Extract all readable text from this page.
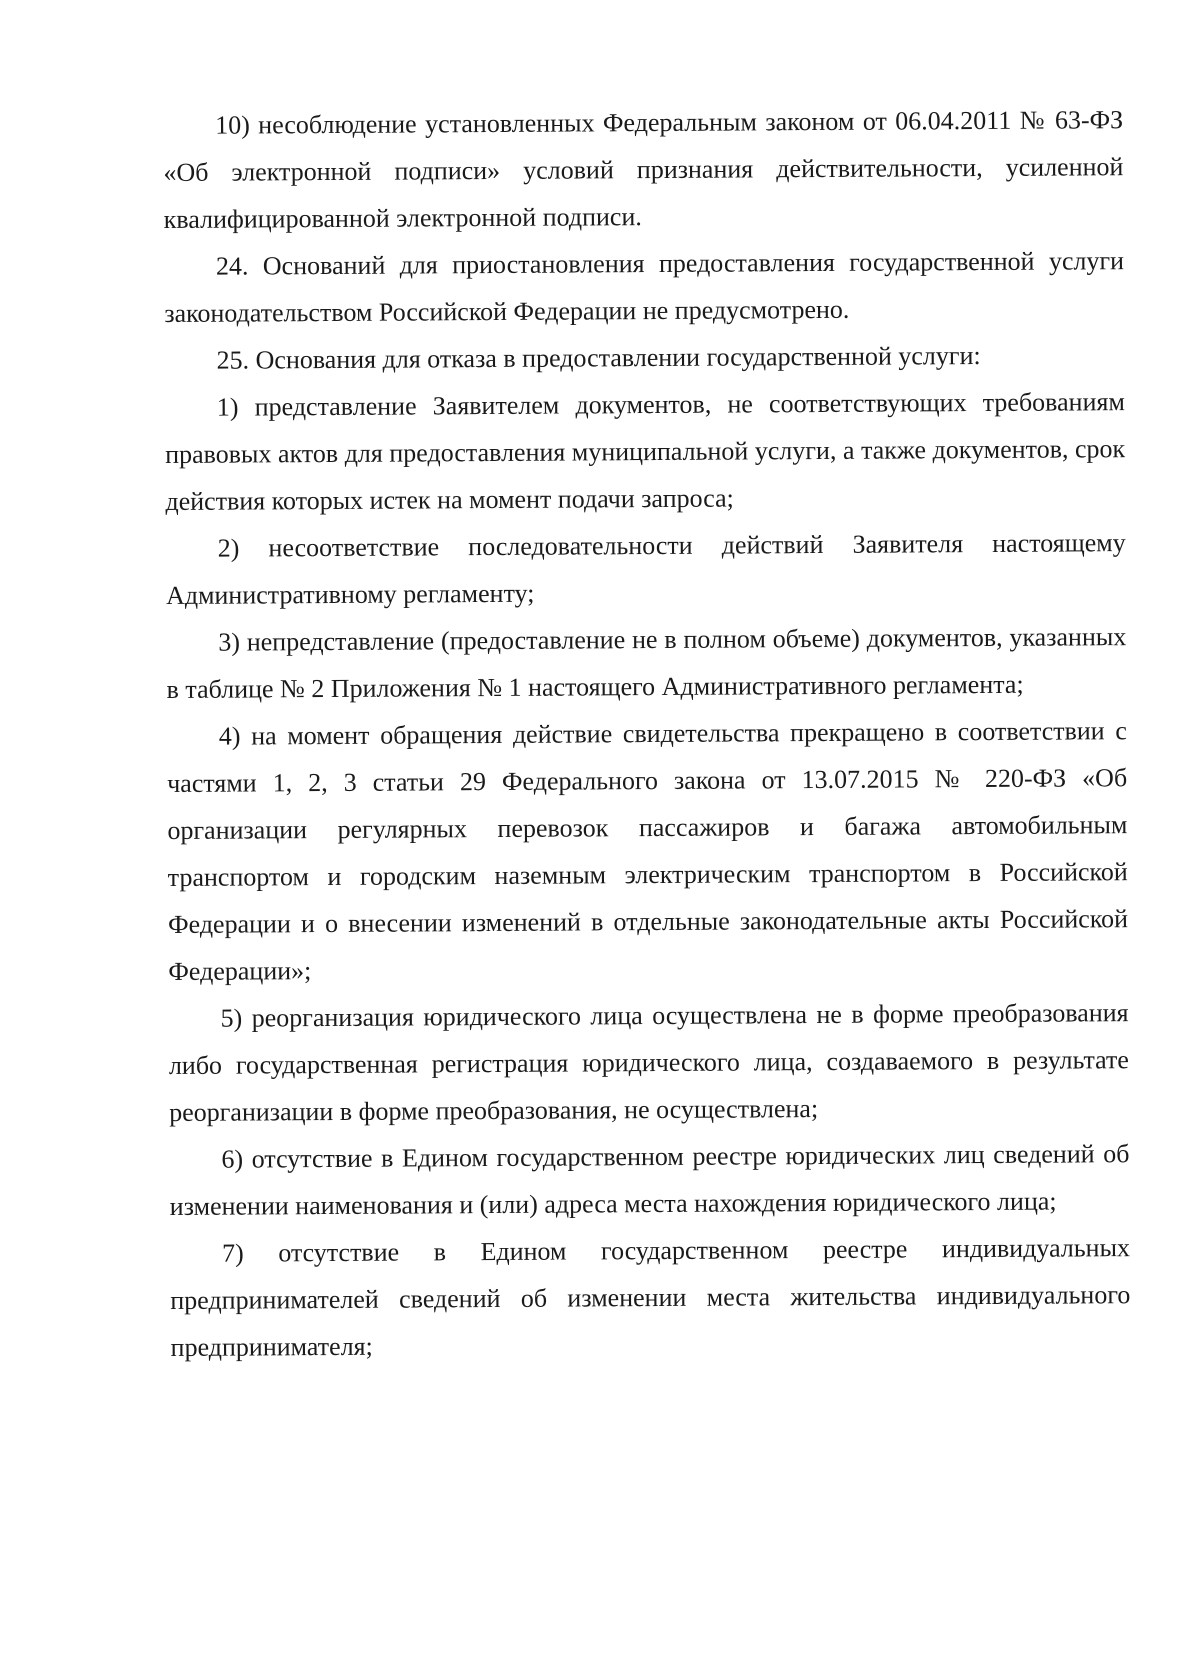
10) несоблюдение установленных Федеральным законом от 06.04.2011 № 63-ФЗ «Об электронной подписи» условий признания действительности, усиленной квалифицированной электронной подписи.

24. Оснований для приостановления предоставления государственной услуги законодательством Российской Федерации не предусмотрено.

25. Основания для отказа в предоставлении государственной услуги:

1) представление Заявителем документов, не соответствующих требованиям правовых актов для предоставления муниципальной услуги, а также документов, срок действия которых истек на момент подачи запроса;

2) несоответствие последовательности действий Заявителя настоящему Административному регламенту;

3) непредставление (предоставление не в полном объеме) документов, указанных в таблице № 2 Приложения № 1 настоящего Административного регламента;

4) на момент обращения действие свидетельства прекращено в соответствии с частями 1, 2, 3 статьи 29 Федерального закона от 13.07.2015 № 220-ФЗ «Об организации регулярных перевозок пассажиров и багажа автомобильным транспортом и городским наземным электрическим транспортом в Российской Федерации и о внесении изменений в отдельные законодательные акты Российской Федерации»;

5) реорганизация юридического лица осуществлена не в форме преобразования либо государственная регистрация юридического лица, создаваемого в результате реорганизации в форме преобразования, не осуществлена;

6) отсутствие в Едином государственном реестре юридических лиц сведений об изменении наименования и (или) адреса места нахождения юридического лица;

7) отсутствие в Едином государственном реестре индивидуальных предпринимателей сведений об изменении места жительства индивидуального предпринимателя;
